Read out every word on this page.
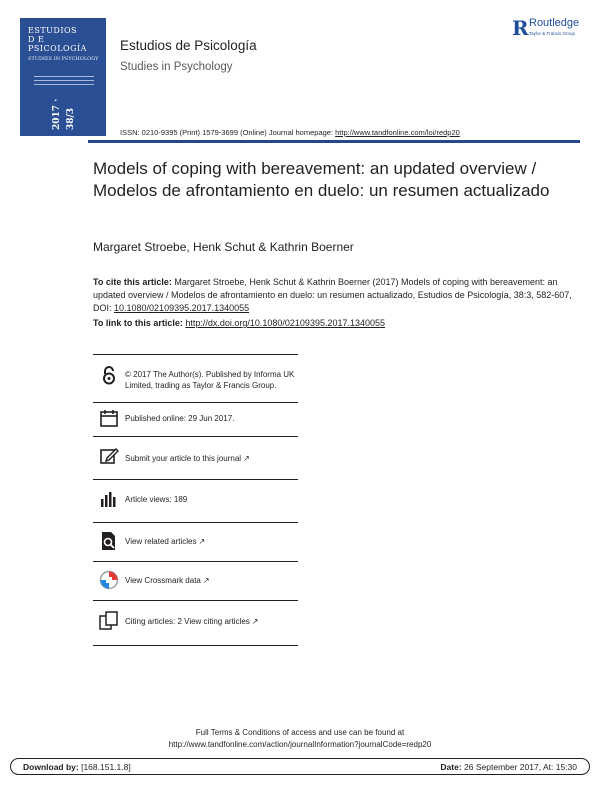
ESTUDIOS
D E
PSICOLOGÍA
STUDIES IN PSYCHOLOGY
2017 · 38/3
Estudios de Psicología
Studies in Psychology
R Routledge
Taylor & Francis Group
ISSN: 0210-9395 (Print) 1579-3699 (Online) Journal homepage: http://www.tandfonline.com/loi/redp20
Models of coping with bereavement: an updated overview / Modelos de afrontamiento en duelo: un resumen actualizado
Margaret Stroebe, Henk Schut & Kathrin Boerner
To cite this article: Margaret Stroebe, Henk Schut & Kathrin Boerner (2017) Models of coping with bereavement: an updated overview / Modelos de afrontamiento en duelo: un resumen actualizado, Estudios de Psicología, 38:3, 582-607, DOI: 10.1080/02109395.2017.1340055
To link to this article: http://dx.doi.org/10.1080/02109395.2017.1340055
© 2017 The Author(s). Published by Informa UK Limited, trading as Taylor & Francis Group.
Published online: 29 Jun 2017.
Submit your article to this journal ↗
Article views: 189
View related articles ↗
View Crossmark data ↗
Citing articles: 2 View citing articles ↗
Full Terms & Conditions of access and use can be found at
http://www.tandfonline.com/action/journalInformation?journalCode=redp20
Download by: [168.151.1.8]	Date: 26 September 2017, At: 15:30
